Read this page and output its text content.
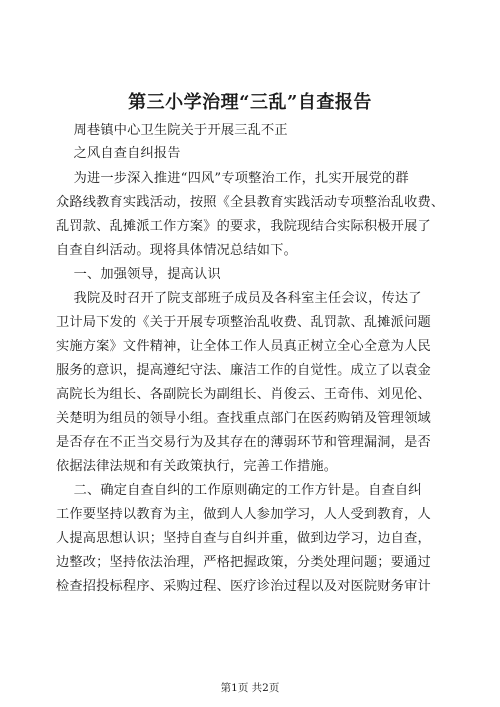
第三小学治理“三乱”自查报告
周巷镇中心卫生院关于开展三乱不正
之风自查自纠报告
为进一步深入推进“四风”专项整治工作，扎实开展党的群
众路线教育实践活动，按照《全县教育实践活动专项整治乱收费、
乱罚款、乱摊派工作方案》的要求，我院现结合实际积极开展了
自查自纠活动。现将具体情况总结如下。
一、加强领导，提高认识
我院及时召开了院支部班子成员及各科室主任会议，传达了
卫计局下发的《关于开展专项整治乱收费、乱罚款、乱摊派问题
实施方案》文件精神，让全体工作人员真正树立全心全意为人民
服务的意识，提高遵纪守法、廉洁工作的自觉性。成立了以袁金
高院长为组长、各副院长为副组长、肖俊云、王奇伟、刘见伦、
关楚明为组员的领导小组。查找重点部门在医药购销及管理领域
是否存在不正当交易行为及其存在的薄弱环节和管理漏洞，是否
依据法律法规和有关政策执行，完善工作措施。
二、确定自查自纠的工作原则确定的工作方针是。自查自纠
工作要坚持以教育为主，做到人人参加学习，人人受到教育，人
人提高思想认识；坚持自查与自纠并重，做到边学习，边自查，
边整改；坚持依法治理，严格把握政策，分类处理问题；要通过
检查招投标程序、采购过程、医疗诊治过程以及对医院财务审计
第1页 共2页
